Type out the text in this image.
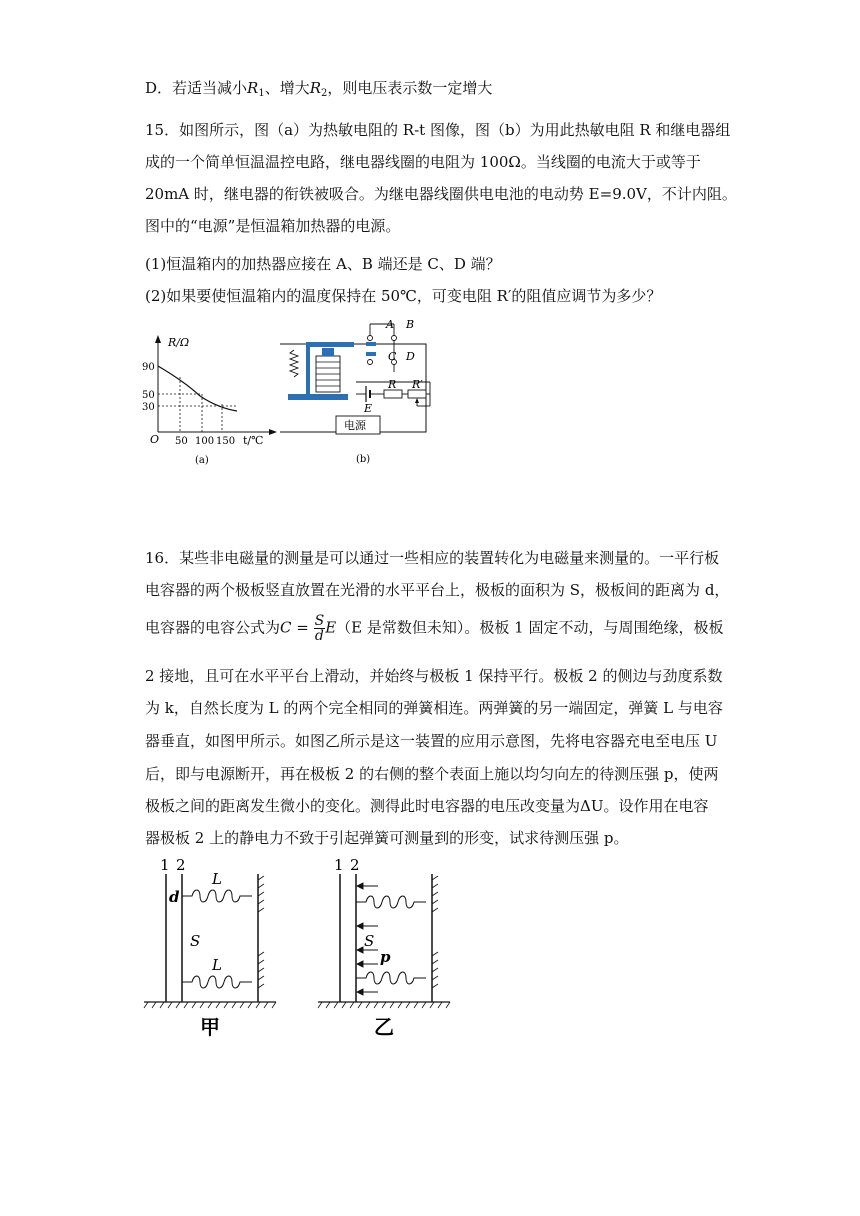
D．若适当减小$R_1$、增大$R_2$，则电压表示数一定增大
15．如图所示，图（a）为热敏电阻的 R-t 图像，图（b）为用此热敏电阻 R 和继电器组
成的一个简单恒温温控电路，继电器线圈的电阻为 100Ω。当线圈的电流大于或等于
20mA 时，继电器的衔铁被吸合。为继电器线圈供电电池的电动势 E=9.0V，不计内阻。
图中的“电源”是恒温箱加热器的电源。
(1)恒温箱内的加热器应接在 A、B 端还是 C、D 端？
(2)如果要使恒温箱内的温度保持在 50℃，可变电阻 R′的阻值应调节为多少？
R/Ω
t/℃
O
90
50
30
50 100 150
(a)
A B
C D
R R′
E
电源
(b)
16．某些非电磁量的测量是可以通过一些相应的装置转化为电磁量来测量的。一平行板
电容器的两个极板竖直放置在光滑的水平平台上，极板的面积为 S，极板间的距离为 d，
电容器的电容公式为$C = \frac{S}{d} E(E$ 是常数但未知）。极板 1 固定不动，与周围绝缘，极板
2 接地，且可在水平平台上滑动，并始终与极板 1 保持平行。极板 2 的侧边与劲度系数
为 k，自然长度为 L 的两个完全相同的弹簧相连。两弹簧的另一端固定，弹簧 L 与电容
器垂直，如图甲所示。如图乙所示是这一装置的应用示意图，先将电容器充电至电压 U
后，即与电源断开，再在极板 2 的右侧的整个表面上施以均匀向左的待测压强 p，使两
极板之间的距离发生微小的变化。测得此时电容器的电压改变量为ΔU。设作用在电容
器极板 2 上的静电力不致于引起弹簧可测量到的形变，试求待测压强 p。
1 2
d
S
L
L
甲
1 2
S
p
乙
